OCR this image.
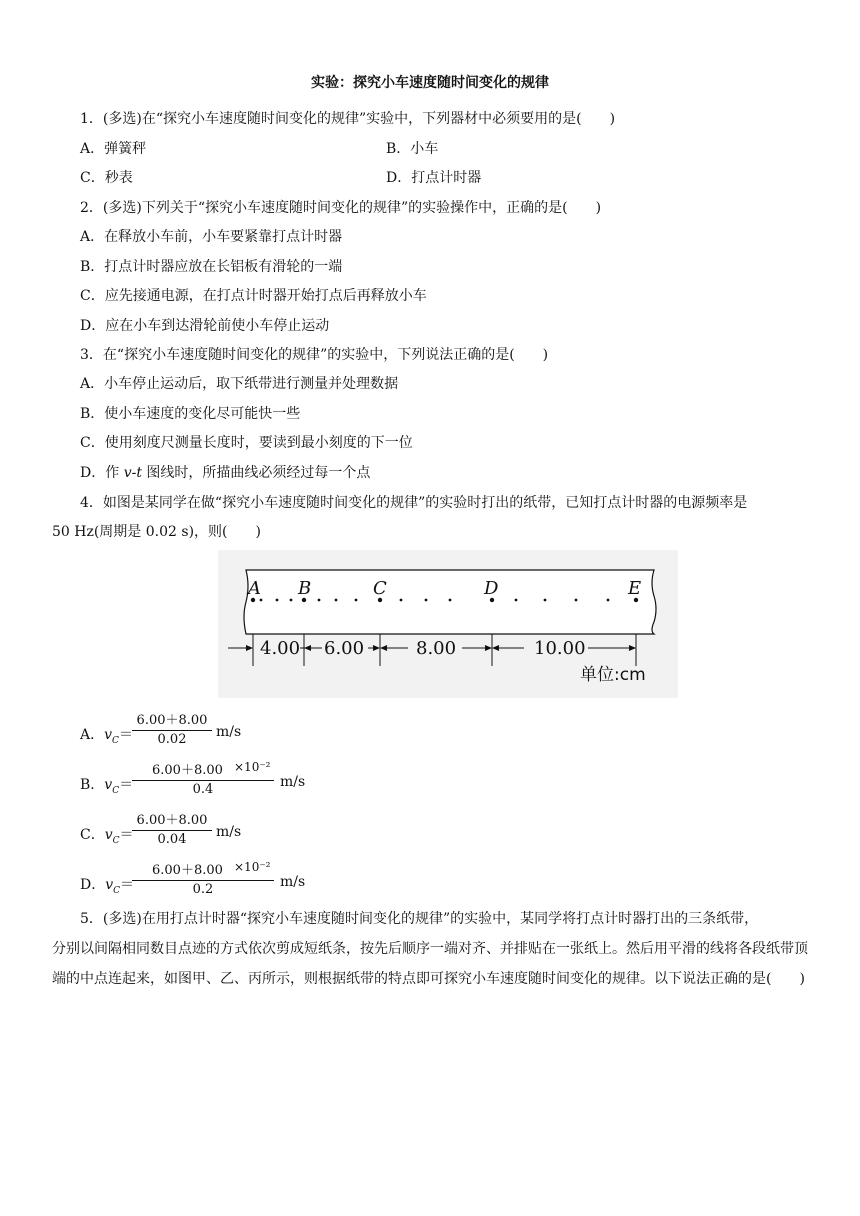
实验：探究小车速度随时间变化的规律
1．(多选)在“探究小车速度随时间变化的规律”实验中，下列器材中必须要用的是(　　)
A．弹簧秤	B．小车
C．秒表	D．打点计时器
2．(多选)下列关于“探究小车速度随时间变化的规律”的实验操作中，正确的是(　　)
A．在释放小车前，小车要紧靠打点计时器
B．打点计时器应放在长铝板有滑轮的一端
C．应先接通电源，在打点计时器开始打点后再释放小车
D．应在小车到达滑轮前使小车停止运动
3．在“探究小车速度随时间变化的规律”的实验中，下列说法正确的是(　　)
A．小车停止运动后，取下纸带进行测量并处理数据
B．使小车速度的变化尽可能快一些
C．使用刻度尺测量长度时，要读到最小刻度的下一位
D．作 v-t 图线时，所描曲线必须经过每一个点
4．如图是某同学在做“探究小车速度随时间变化的规律”的实验时打出的纸带，已知打点计时器的电源频率是
50 Hz(周期是 0.02 s)，则(　　)
A B	C	D	E
4.00 6.00	8.00	10.00
单位:cm
A．$v_C=$
6.00＋8.00
0.02	m/s
B．$v_C=$
6.00＋8.00
0.4
×10⁻²
m/s
C．$v_C=$
6.00＋8.00
0.04	m/s
D．$v_C=$
6.00＋8.00
0.2
×10⁻²
m/s
5．(多选)在用打点计时器“探究小车速度随时间变化的规律”的实验中，某同学将打点计时器打出的三条纸带，
分别以间隔相同数目点迹的方式依次剪成短纸条，按先后顺序一端对齐、并排贴在一张纸上。然后用平滑的线将各段纸带顶端的中点连起来，如图甲、乙、丙所示，则根据纸带的特点即可探究小车速度随时间变化的规律。以下说法正确的是(　　)
